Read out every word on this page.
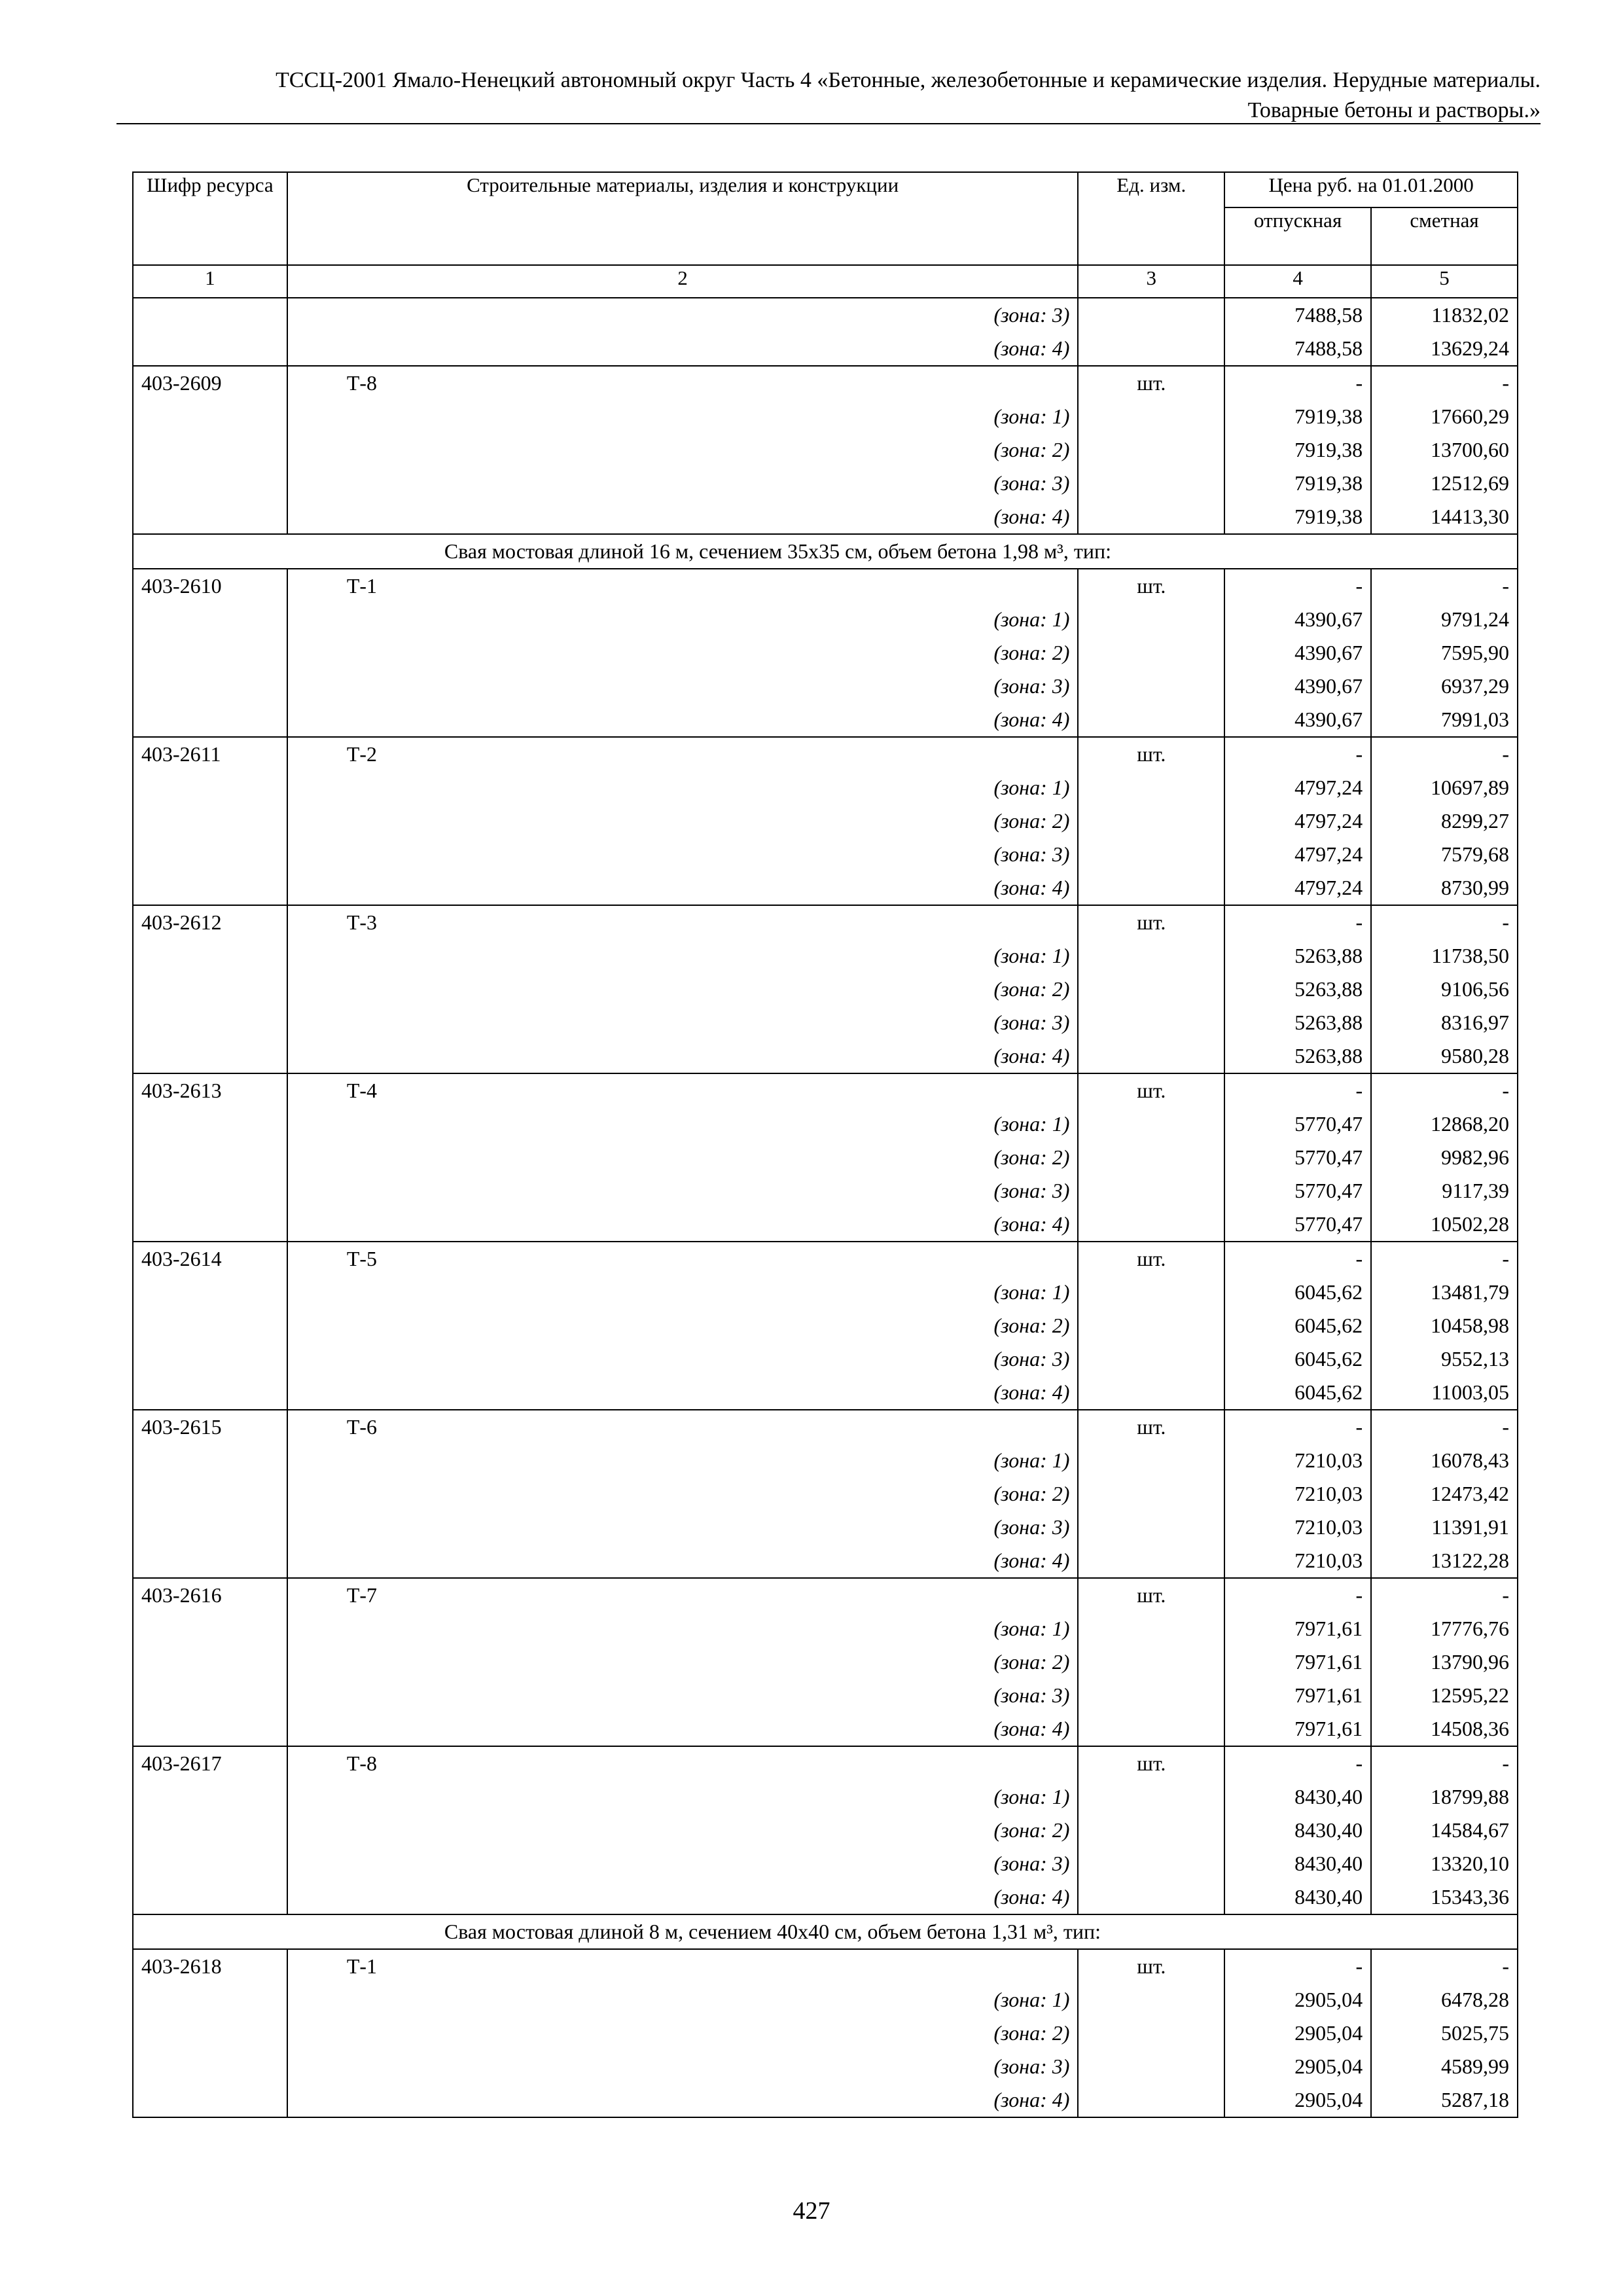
ТССЦ-2001 Ямало-Ненецкий автономный округ Часть 4 «Бетонные, железобетонные и керамические изделия. Нерудные материалы.
Товарные бетоны и растворы.»
Шифр ресурса	Строительные материалы, изделия и конструкции	Ед. изм.	Цена руб. на 01.01.2000	
			отпускная	сметная
1	2	3	4	5
	(зона: 3)		7488,58	11832,02
	(зона: 4)		7488,58	13629,24
403-2609	Т-8	шт.	-	-
	(зона: 1)		7919,38	17660,29
	(зона: 2)		7919,38	13700,60
	(зона: 3)		7919,38	12512,69
	(зона: 4)		7919,38	14413,30
	Свая мостовая длиной 16 м, сечением 35х35 см, объем бетона 1,98 м³, тип:			
403-2610	Т-1	шт.	-	-
	(зона: 1)		4390,67	9791,24
	(зона: 2)		4390,67	7595,90
	(зона: 3)		4390,67	6937,29
	(зона: 4)		4390,67	7991,03
403-2611	Т-2	шт.	-	-
	(зона: 1)		4797,24	10697,89
	(зона: 2)		4797,24	8299,27
	(зона: 3)		4797,24	7579,68
	(зона: 4)		4797,24	8730,99
403-2612	Т-3	шт.	-	-
	(зона: 1)		5263,88	11738,50
	(зона: 2)		5263,88	9106,56
	(зона: 3)		5263,88	8316,97
	(зона: 4)		5263,88	9580,28
403-2613	Т-4	шт.	-	-
	(зона: 1)		5770,47	12868,20
	(зона: 2)		5770,47	9982,96
	(зона: 3)		5770,47	9117,39
	(зона: 4)		5770,47	10502,28
403-2614	Т-5	шт.	-	-
	(зона: 1)		6045,62	13481,79
	(зона: 2)		6045,62	10458,98
	(зона: 3)		6045,62	9552,13
	(зона: 4)		6045,62	11003,05
403-2615	Т-6	шт.	-	-
	(зона: 1)		7210,03	16078,43
	(зона: 2)		7210,03	12473,42
	(зона: 3)		7210,03	11391,91
	(зона: 4)		7210,03	13122,28
403-2616	Т-7	шт.	-	-
	(зона: 1)		7971,61	17776,76
	(зона: 2)		7971,61	13790,96
	(зона: 3)		7971,61	12595,22
	(зона: 4)		7971,61	14508,36
403-2617	Т-8	шт.	-	-
	(зона: 1)		8430,40	18799,88
	(зона: 2)		8430,40	14584,67
	(зона: 3)		8430,40	13320,10
	(зона: 4)		8430,40	15343,36
	Свая мостовая длиной 8 м, сечением 40х40 см, объем бетона 1,31 м³, тип:			
403-2618	Т-1	шт.	-	-
	(зона: 1)		2905,04	6478,28
	(зона: 2)		2905,04	5025,75
	(зона: 3)		2905,04	4589,99
	(зона: 4)		2905,04	5287,18
427
